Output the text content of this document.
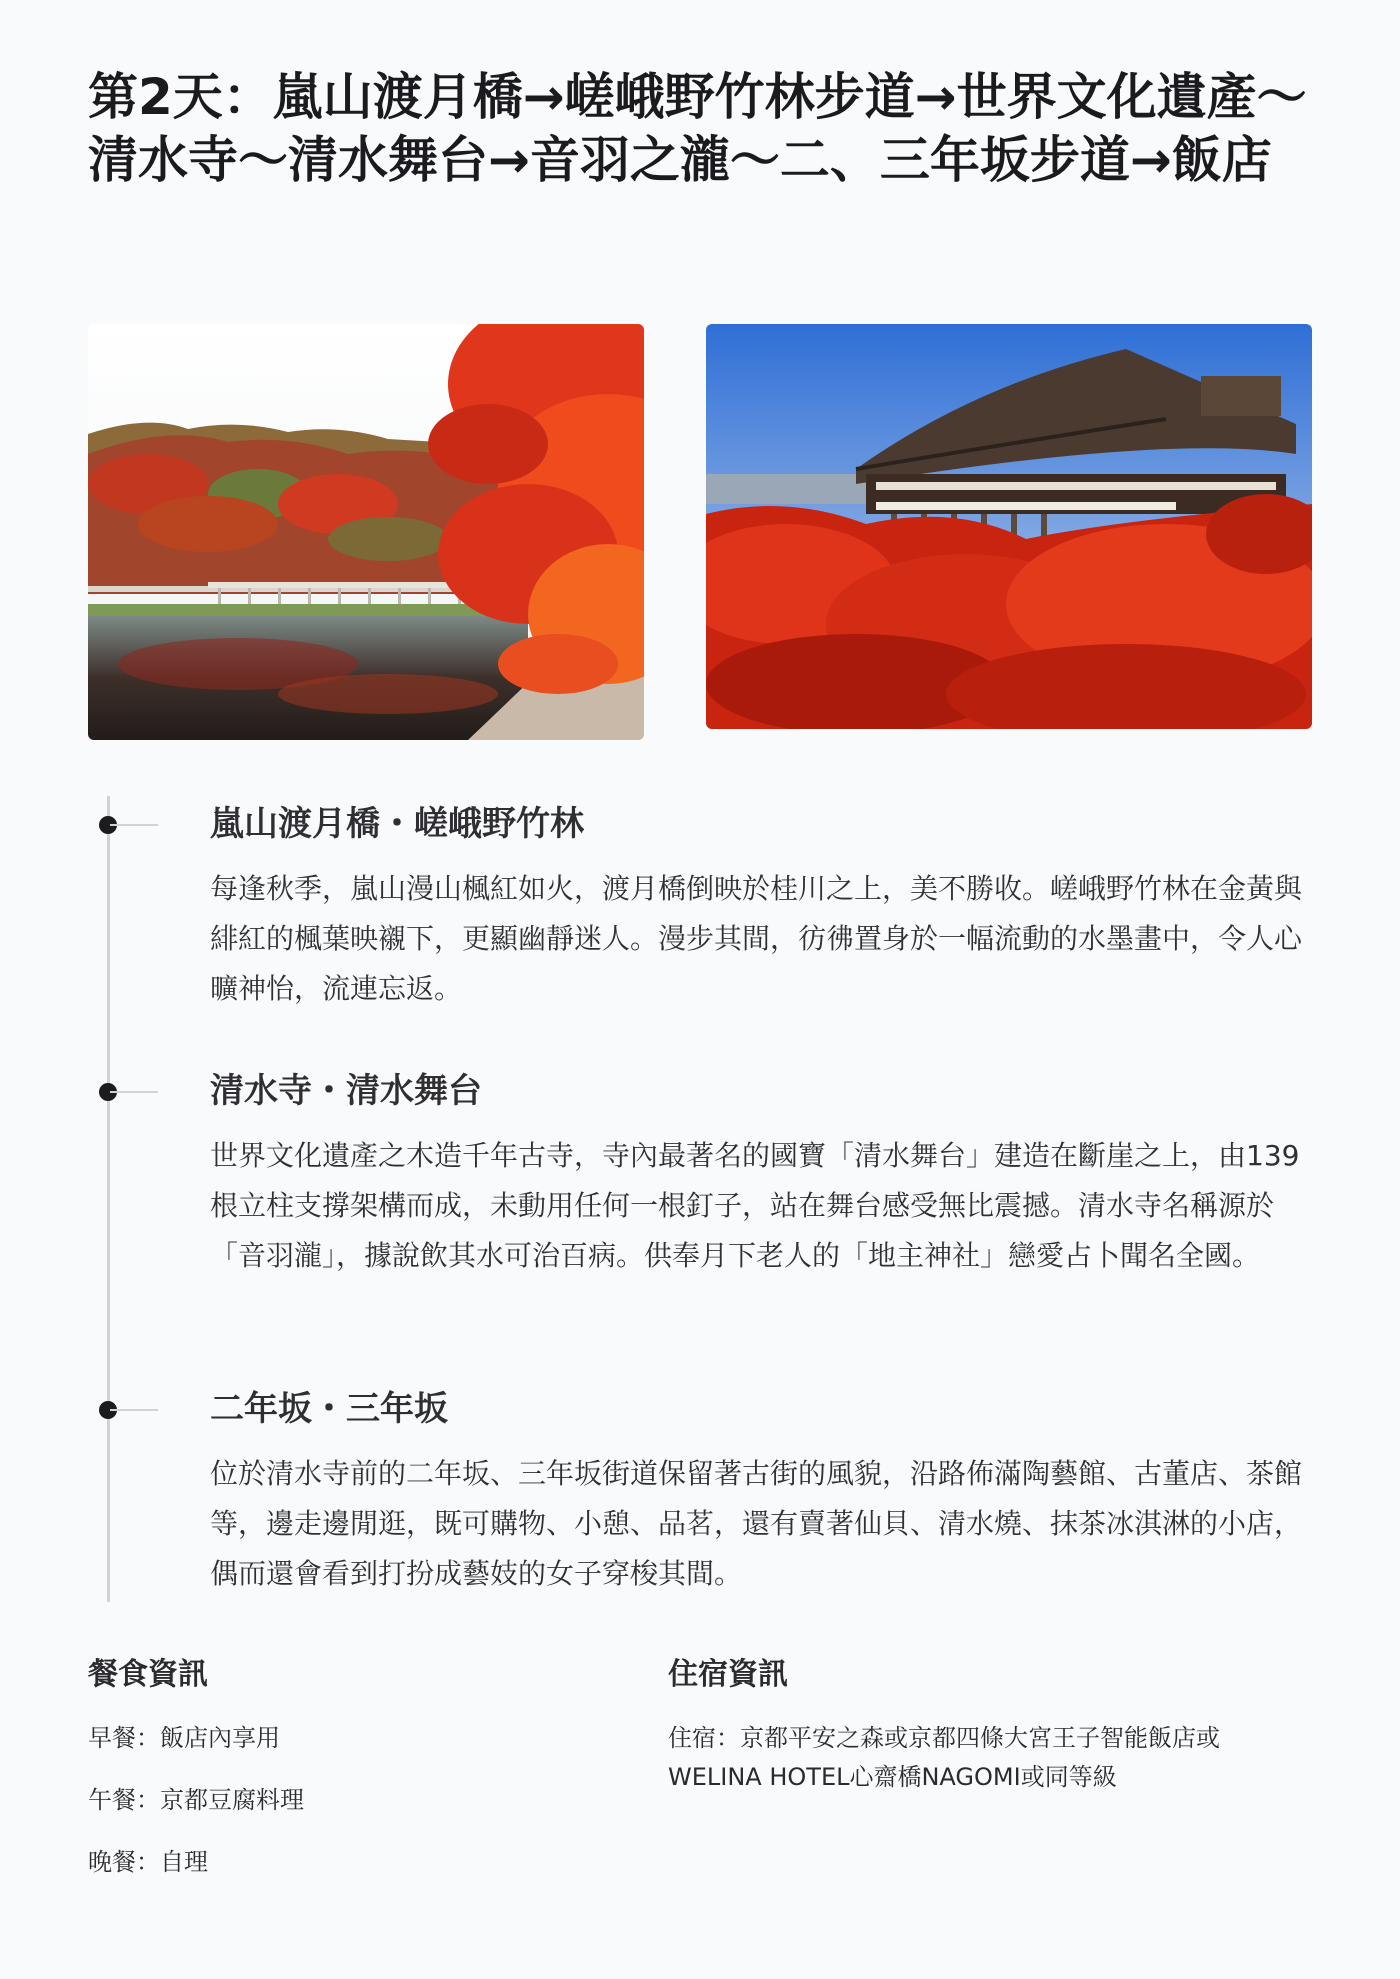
第2天：嵐山渡月橋→嵯峨野竹林步道→世界文化遺產～清水寺～清水舞台→音羽之瀧～二、三年坂步道→飯店
嵐山渡月橋・嵯峨野竹林

每逢秋季，嵐山漫山楓紅如火，渡月橋倒映於桂川之上，美不勝收。嵯峨野竹林在金黃與緋紅的楓葉映襯下，更顯幽靜迷人。漫步其間，彷彿置身於一幅流動的水墨畫中，令人心曠神怡，流連忘返。

清水寺・清水舞台

世界文化遺產之木造千年古寺，寺內最著名的國寶「清水舞台」建造在斷崖之上，由139根立柱支撐架構而成，未動用任何一根釘子，站在舞台感受無比震撼。清水寺名稱源於「音羽瀧」，據說飲其水可治百病。供奉月下老人的「地主神社」戀愛占卜聞名全國。

二年坂・三年坂

位於清水寺前的二年坂、三年坂街道保留著古街的風貌，沿路佈滿陶藝館、古董店、茶館等，邊走邊閒逛，既可購物、小憩、品茗，還有賣著仙貝、清水燒、抹茶冰淇淋的小店，偶而還會看到打扮成藝妓的女子穿梭其間。

餐食資訊

早餐：飯店內享用

午餐：京都豆腐料理

晚餐：自理

住宿資訊

住宿：京都平安之森或京都四條大宮王子智能飯店或

WELINA HOTEL心齋橋NAGOMI或同等級
